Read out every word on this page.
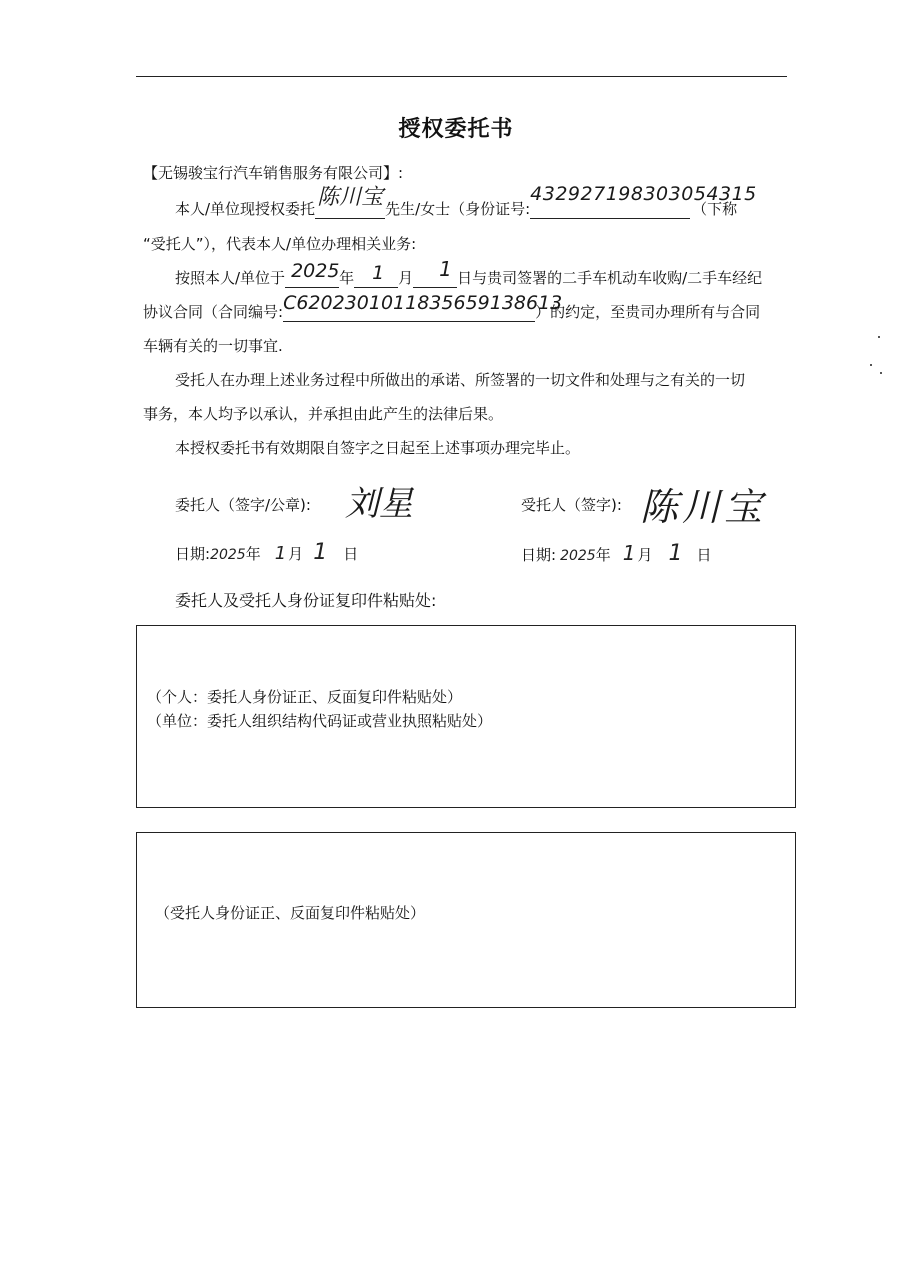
授权委托书
【无锡骏宝行汽车销售服务有限公司】:
本人/单位现授权委托 陈川宝 先生/女士（身份证号:
432927198303054315
（下称
“受托人”），代表本人/单位办理相关业务:
按照本人/单位于 2025 年 1 月 1 日与贵司签署的二手车机动车收购/二手车经纪
协议合同（合同编号: C6202301011835659138613
）的约定，至贵司办理所有与合同
车辆有关的一切事宜.
受托人在办理上述业务过程中所做出的承诺、所签署的一切文件和处理与之有关的一切
事务，本人均予以承认，并承担由此产生的法律后果。
本授权委托书有效期限自签字之日起至上述事项办理完毕止。
委托人（签字/公章): 刘星	受托人（签字): 陈川宝
日期:2025年 1 月 1 日	日期: 2025年 1 月 1 日
委托人及受托人身份证复印件粘贴处:
（个人：委托人身份证正、反面复印件粘贴处）
（单位：委托人组织结构代码证或营业执照粘贴处）
（受托人身份证正、反面复印件粘贴处）
